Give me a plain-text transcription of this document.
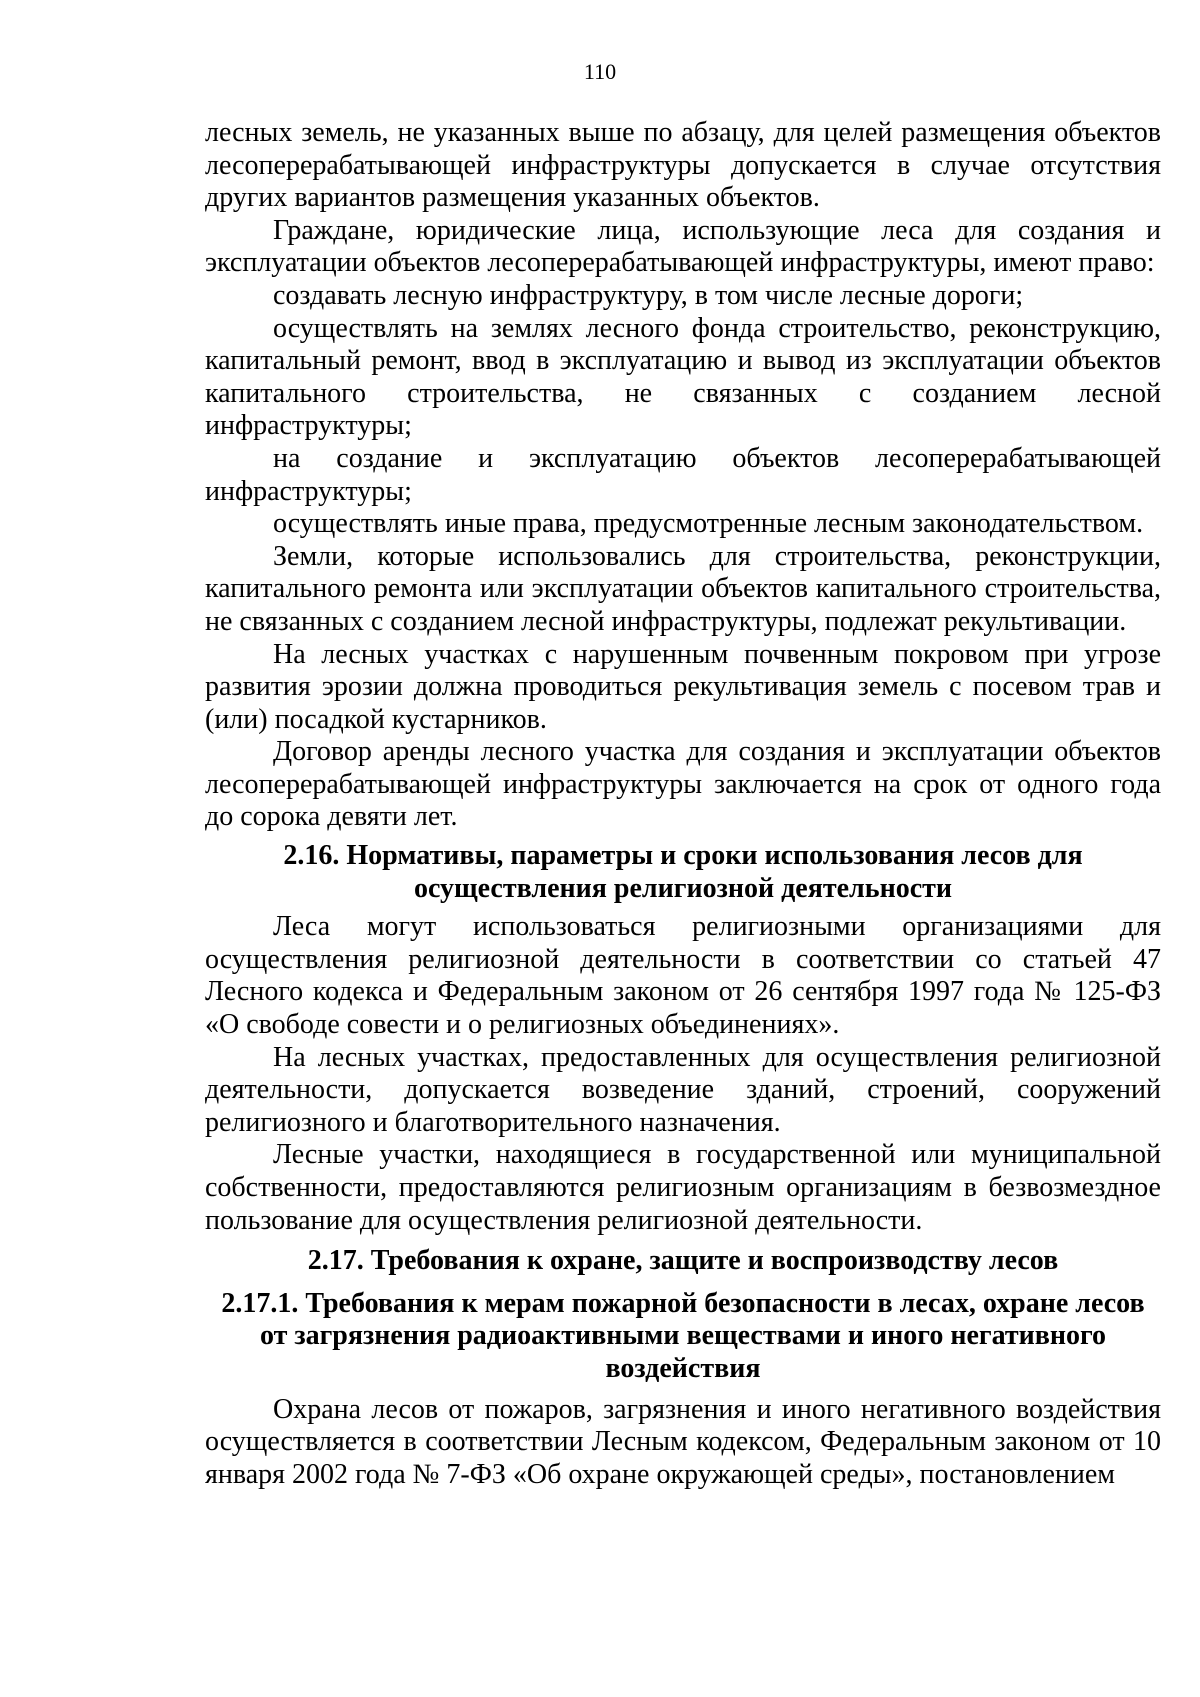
110

лесных земель, не указанных выше по абзацу, для целей размещения объектов лесоперерабатывающей инфраструктуры допускается в случае отсутствия других вариантов размещения указанных объектов.

Граждане, юридические лица, использующие леса для создания и эксплуатации объектов лесоперерабатывающей инфраструктуры, имеют право:

создавать лесную инфраструктуру, в том числе лесные дороги;

осуществлять на землях лесного фонда строительство, реконструкцию, капитальный ремонт, ввод в эксплуатацию и вывод из эксплуатации объектов капитального строительства, не связанных с созданием лесной инфраструктуры;

на создание и эксплуатацию объектов лесоперерабатывающей инфраструктуры;

осуществлять иные права, предусмотренные лесным законодательством.

Земли, которые использовались для строительства, реконструкции, капитального ремонта или эксплуатации объектов капитального строительства, не связанных с созданием лесной инфраструктуры, подлежат рекультивации.

На лесных участках с нарушенным почвенным покровом при угрозе развития эрозии должна проводиться рекультивация земель с посевом трав и (или) посадкой кустарников.

Договор аренды лесного участка для создания и эксплуатации объектов лесоперерабатывающей инфраструктуры заключается на срок от одного года до сорока девяти лет.

2.16. Нормативы, параметры и сроки использования лесов для осуществления религиозной деятельности

Леса могут использоваться религиозными организациями для осуществления религиозной деятельности в соответствии со статьей 47 Лесного кодекса и Федеральным законом от 26 сентября 1997 года № 125-ФЗ «О свободе совести и о религиозных объединениях».

На лесных участках, предоставленных для осуществления религиозной деятельности, допускается возведение зданий, строений, сооружений религиозного и благотворительного назначения.

Лесные участки, находящиеся в государственной или муниципальной собственности, предоставляются религиозным организациям в безвозмездное пользование для осуществления религиозной деятельности.

2.17. Требования к охране, защите и воспроизводству лесов
2.17.1. Требования к мерам пожарной безопасности в лесах, охране лесов от загрязнения радиоактивными веществами и иного негативного воздействия

Охрана лесов от пожаров, загрязнения и иного негативного воздействия осуществляется в соответствии Лесным кодексом, Федеральным законом от 10 января 2002 года № 7-ФЗ «Об охране окружающей среды», постановлением
